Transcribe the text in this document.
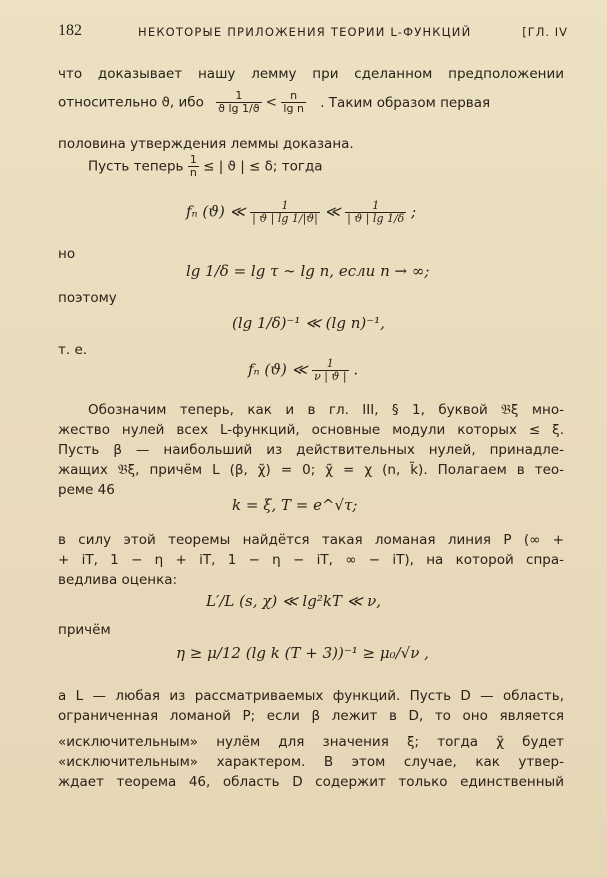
182	НЕКОТОРЫЕ ПРИЛОЖЕНИЯ ТЕОРИИ L-ФУНКЦИЙ	[ГЛ. IV
что доказывает нашу лемму при сделанном предположении
относительно ϑ, ибо $\frac{1}{\text{ϑ lg 1/ϑ}} < \frac{n}{\text{lg n}}$ . Таким образом первая
половина утверждения леммы доказана.
Пусть теперь $\frac{1}{n}$ ≤ | ϑ | ≤ δ; тогда
fₙ (ϑ) ≪ $\frac{1}{| ϑ | \lg 1/|ϑ|}$ ≪ $\frac{1}{| ϑ | \lg 1/\delta}$ ;
но
lg 1/δ = lg τ ∼ lg n, если n → ∞;
поэтому
(lg 1/δ)⁻¹ ≪ (lg n)⁻¹,
т. е.
fₙ (ϑ) ≪ $\frac{1}{\nu | ϑ |}$ .
Обозначим теперь, как и в гл. III, § 1, буквой 𝔅ξ мно-
жество нулей всех L-функций, основные модули которых ≤ ξ.
Пусть β — наибольший из действительных нулей, принадле-
жащих 𝔅ξ, причём L (β, χ̃) = 0; χ̃ = χ (n, k̃). Полагаем в тео-
реме 46
k = ξ, T = e^√τ;
в силу этой теоремы найдётся такая ломаная линия P (∞ +
+ iT, 1 − η + iT, 1 − η − iT, ∞ − iT), на которой спра-
ведлива оценка:
L′/L (s, χ) ≪ lg²kT ≪ ν,
причём
η ≥ μ/12 (lg k (T + 3))⁻¹ ≥ μ₀/√ν ,
а L — любая из рассматриваемых функций. Пусть D — область,
ограниченная ломаной P; если β лежит в D, то оно является
«исключительным» нулём для значения ξ; тогда χ̃ будет
«исключительным» характером. В этом случае, как утвер-
ждает теорема 46, область D содержит только единственный
